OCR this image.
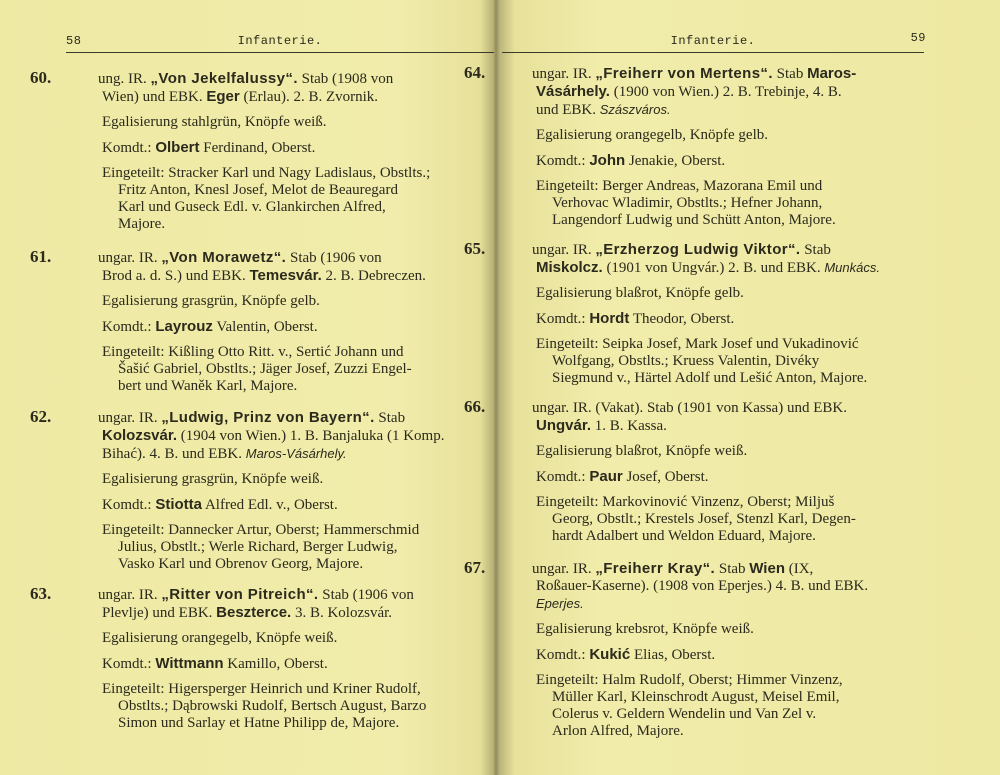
58	Infanterie.
60.	ung. IR. „Von Jekelfalussy“. Stab (1908 von
Wien) und EBK. Eger (Erlau). 2. B. Zvornik.
Egalisierung stahlgrün, Knöpfe weiß.
Komdt.: Olbert Ferdinand, Oberst.
Eingeteilt: Stracker Karl und Nagy Ladislaus, Obstlts.;
Fritz Anton, Knesl Josef, Melot de Beauregard
Karl und Guseck Edl. v. Glankirchen Alfred,
Majore.
61.	ungar. IR. „Von Morawetz“. Stab (1906 von
Brod a. d. S.) und EBK. Temesvár. 2. B. Debreczen.
Egalisierung grasgrün, Knöpfe gelb.
Komdt.: Layrouz Valentin, Oberst.
Eingeteilt: Kißling Otto Ritt. v., Sertić Johann und
Šašić Gabriel, Obstlts.; Jäger Josef, Zuzzi Engel-
bert und Waněk Karl, Majore.
62.	ungar. IR. „Ludwig, Prinz von Bayern“. Stab
Kolozsvár. (1904 von Wien.) 1. B. Banjaluka (1 Komp.
Bihać). 4. B. und EBK. Maros-Vásárhely.
Egalisierung grasgrün, Knöpfe weiß.
Komdt.: Stiotta Alfred Edl. v., Oberst.
Eingeteilt: Dannecker Artur, Oberst; Hammerschmid
Julius, Obstlt.; Werle Richard, Berger Ludwig,
Vasko Karl und Obrenov Georg, Majore.
63.	ungar. IR. „Ritter von Pitreich“. Stab (1906 von
Plevlje) und EBK. Beszterce. 3. B. Kolozsvár.
Egalisierung orangegelb, Knöpfe weiß.
Komdt.: Wittmann Kamillo, Oberst.
Eingeteilt: Higersperger Heinrich und Kriner Rudolf,
Obstlts.; Dąbrowski Rudolf, Bertsch August, Barzo
Simon und Sarlay et Hatne Philipp de, Majore.
Infanterie.	59
64.	ungar. IR. „Freiherr von Mertens“. Stab Maros-
Vásárhely. (1900 von Wien.) 2. B. Trebinje, 4. B.
und EBK. Szászváros.
Egalisierung orangegelb, Knöpfe gelb.
Komdt.: John Jenakie, Oberst.
Eingeteilt: Berger Andreas, Mazorana Emil und
Verhovac Wladimir, Obstlts.; Hefner Johann,
Langendorf Ludwig und Schütt Anton, Majore.
65.	ungar. IR. „Erzherzog Ludwig Viktor“. Stab
Miskolcz. (1901 von Ungvár.) 2. B. und EBK. Munkács.
Egalisierung blaßrot, Knöpfe gelb.
Komdt.: Hordt Theodor, Oberst.
Eingeteilt: Seipka Josef, Mark Josef und Vukadinović
Wolfgang, Obstlts.; Kruess Valentin, Divéky
Siegmund v., Härtel Adolf und Lešić Anton, Majore.
66.	ungar. IR. (Vakat). Stab (1901 von Kassa) und EBK.
Ungvár. 1. B. Kassa.
Egalisierung blaßrot, Knöpfe weiß.
Komdt.: Paur Josef, Oberst.
Eingeteilt: Markovinović Vinzenz, Oberst; Miljuš
Georg, Obstlt.; Krestels Josef, Stenzl Karl, Degen-
hardt Adalbert und Weldon Eduard, Majore.
67.	ungar. IR. „Freiherr Kray“. Stab Wien (IX,
Roßauer-Kaserne). (1908 von Eperjes.) 4. B. und EBK.
Eperjes.
Egalisierung krebsrot, Knöpfe weiß.
Komdt.: Kukić Elias, Oberst.
Eingeteilt: Halm Rudolf, Oberst; Himmer Vinzenz,
Müller Karl, Kleinschrodt August, Meisel Emil,
Colerus v. Geldern Wendelin und Van Zel v.
Arlon Alfred, Majore.
